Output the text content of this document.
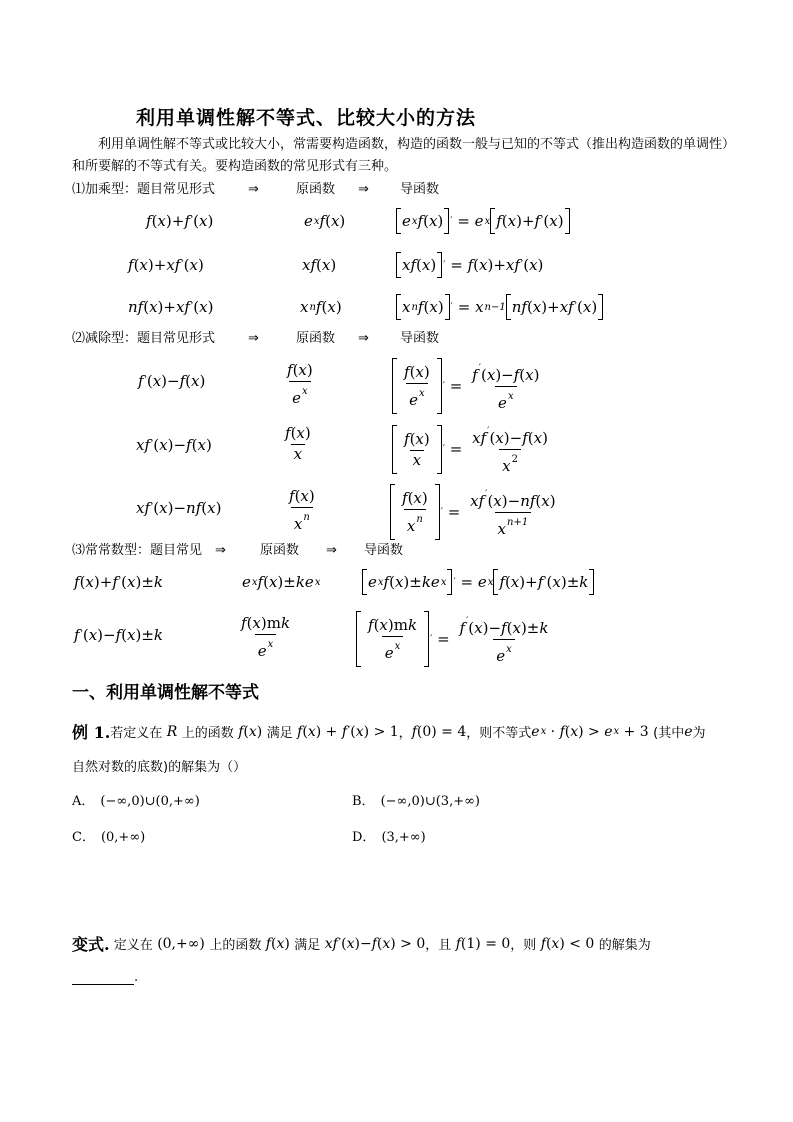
利用单调性解不等式、比较大小的方法
利用单调性解不等式或比较大小，常需要构造函数，构造的函数一般与已知的不等式（推出构造函数的单调性）和所要解的不等式有关。要构造函数的常见形式有三种。
⑴加乘型：题目常见形式	⇒	原函数 ⇒ 导函数
f ( x )+ f ′ ( x )	e x f ( x )	e x f ( x ) ′ = e x f ( x )+ f ′ ( x )
f ( x )+ xf ′ ( x )	xf ( x )	xf ( x ) ′ = f ( x )+ xf ′ ( x )
nf ( x )+ xf ′ ( x )	x n f ( x )	x n f ( x ) ′ = x n−1 nf ( x )+ xf ′ ( x )
⑵减除型：题目常见形式	⇒	原函数 ⇒ 导函数
f ′ ( x )− f ( x )	$\frac{f(x)}{e^x}$	$\frac{f(x)}{e^x}$ ′ = $\frac{f'(x)-f(x)}{e^x}$
xf ′ ( x )− f ( x )	$\frac{f(x)}{x}$	$\frac{f(x)}{x}$ ′ = $\frac{xf'(x)-f(x)}{x^2}$
xf ′ ( x )− nf ( x )	$\frac{f(x)}{x^n}$	$\frac{f(x)}{x^n}$ ′ = $\frac{xf'(x)-nf(x)}{x^{n+1}}$
⑶常常数型：题目常见 ⇒	原函数 ⇒ 导函数
f ( x )+ f ′ ( x )± k	e x f ( x )± ke x	e x f ( x )± ke x ′ = e x f ( x )+ f ′ ( x )± k
f ′ ( x )− f ( x )± k	$\frac{f(x)mk}{e^x}$	$\frac{f(x)mk}{e^x}$ ′ = $\frac{f'(x)-f(x)\pm k}{e^x}$
一、利用单调性解不等式
例 1. 若定义在 R 上的函数 f ( x )
满足 f ( x ) + f ′ ( x ) > 1 ， f (0) = 4 ，则不等式 e x · f ( x ) > e x + 3
(其中 e 为
自然对数的底数)的解集为（）
A． (−∞,0)∪(0,+∞)	B． (−∞,0)∪(3,+∞)
C． (0,+∞)	D． (3,+∞)
变式.
定义在
(0,+∞)
上的函数 f ( x )
满足 xf ′ ( x )− f ( x ) > 0 ，且 f (1) = 0 ，则 f ( x ) < 0
的解集为
.
